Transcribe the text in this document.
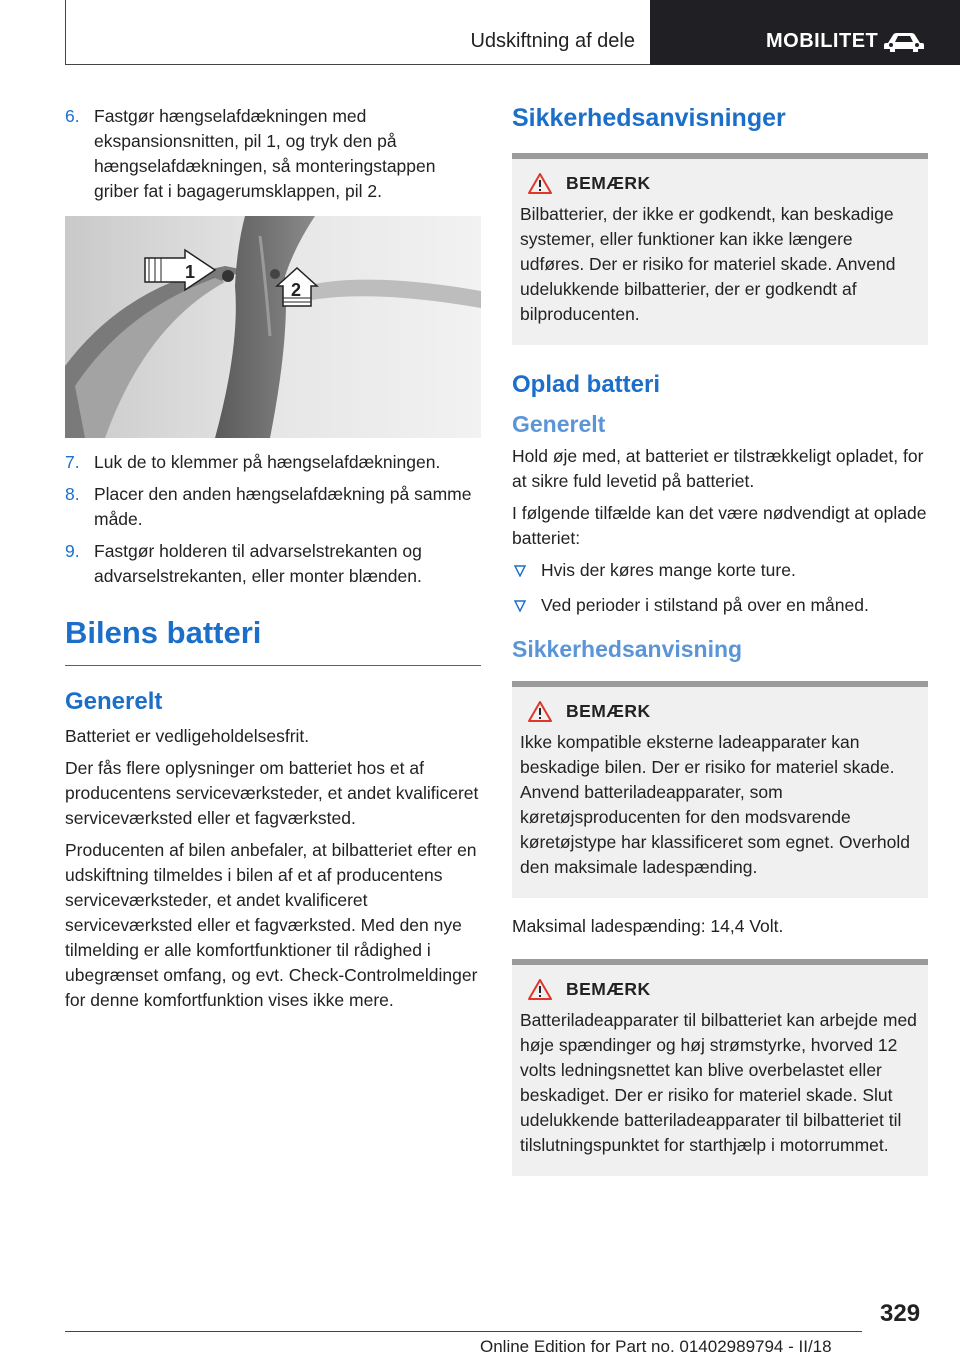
Udskiftning af dele	MOBILITET
6. Fastgør hængselafdækningen med ekspansionsnitten, pil 1, og tryk den på hængselafdækningen, så monteringstappen griber fat i bagagerumsklappen, pil 2.
1
2
7. Luk de to klemmer på hængselafdækningen.
8. Placer den anden hængselafdækning på samme måde.
9. Fastgør holderen til advarselstrekanten og advarselstrekanten, eller monter blænden.
Bilens batteri
Generelt

Batteriet er vedligeholdelsesfrit.

Der fås flere oplysninger om batteriet hos et af producentens serviceværksteder, et andet kvalificeret serviceværksted eller et fagværksted.

Producenten af bilen anbefaler, at bilbatteriet efter en udskiftning tilmeldes i bilen af et af producentens serviceværksteder, et andet kvalificeret serviceværksted eller et fagværksted. Med den nye tilmelding er alle komfortfunktioner til rådighed i ubegrænset omfang, og evt. Check-Controlmeldinger for denne komfortfunktion vises ikke mere.

Sikkerhedsanvisninger
BEMÆRK
Bilbatterier, der ikke er godkendt, kan beskadige systemer, eller funktioner kan ikke længere udføres. Der er risiko for materiel skade. Anvend udelukkende bilbatterier, der er godkendt af bilproducenten.
Oplad batteri
Generelt

Hold øje med, at batteriet er tilstrækkeligt opladet, for at sikre fuld levetid på batteriet.

I følgende tilfælde kan det være nødvendigt at oplade batteriet:

Hvis der køres mange korte ture.
Ved perioder i stilstand på over en måned.
Sikkerhedsanvisning
BEMÆRK
Ikke kompatible eksterne ladeapparater kan beskadige bilen. Der er risiko for materiel skade. Anvend batteriladeapparater, som køretøjsproducenten for den modsvarende køretøjstype har klassificeret som egnet. Overhold den maksimale ladespænding.

Maksimal ladespænding: 14,4 Volt.

BEMÆRK
Batteriladeapparater til bilbatteriet kan arbejde med høje spændinger og høj strømstyrke, hvorved 12 volts ledningsnettet kan blive overbelastet eller beskadiget. Der er risiko for materiel skade. Slut udelukkende batteriladeapparater til bilbatteriet til tilslutningspunktet for starthjælp i motorrummet.
329
Online Edition for Part no. 01402989794 - II/18
